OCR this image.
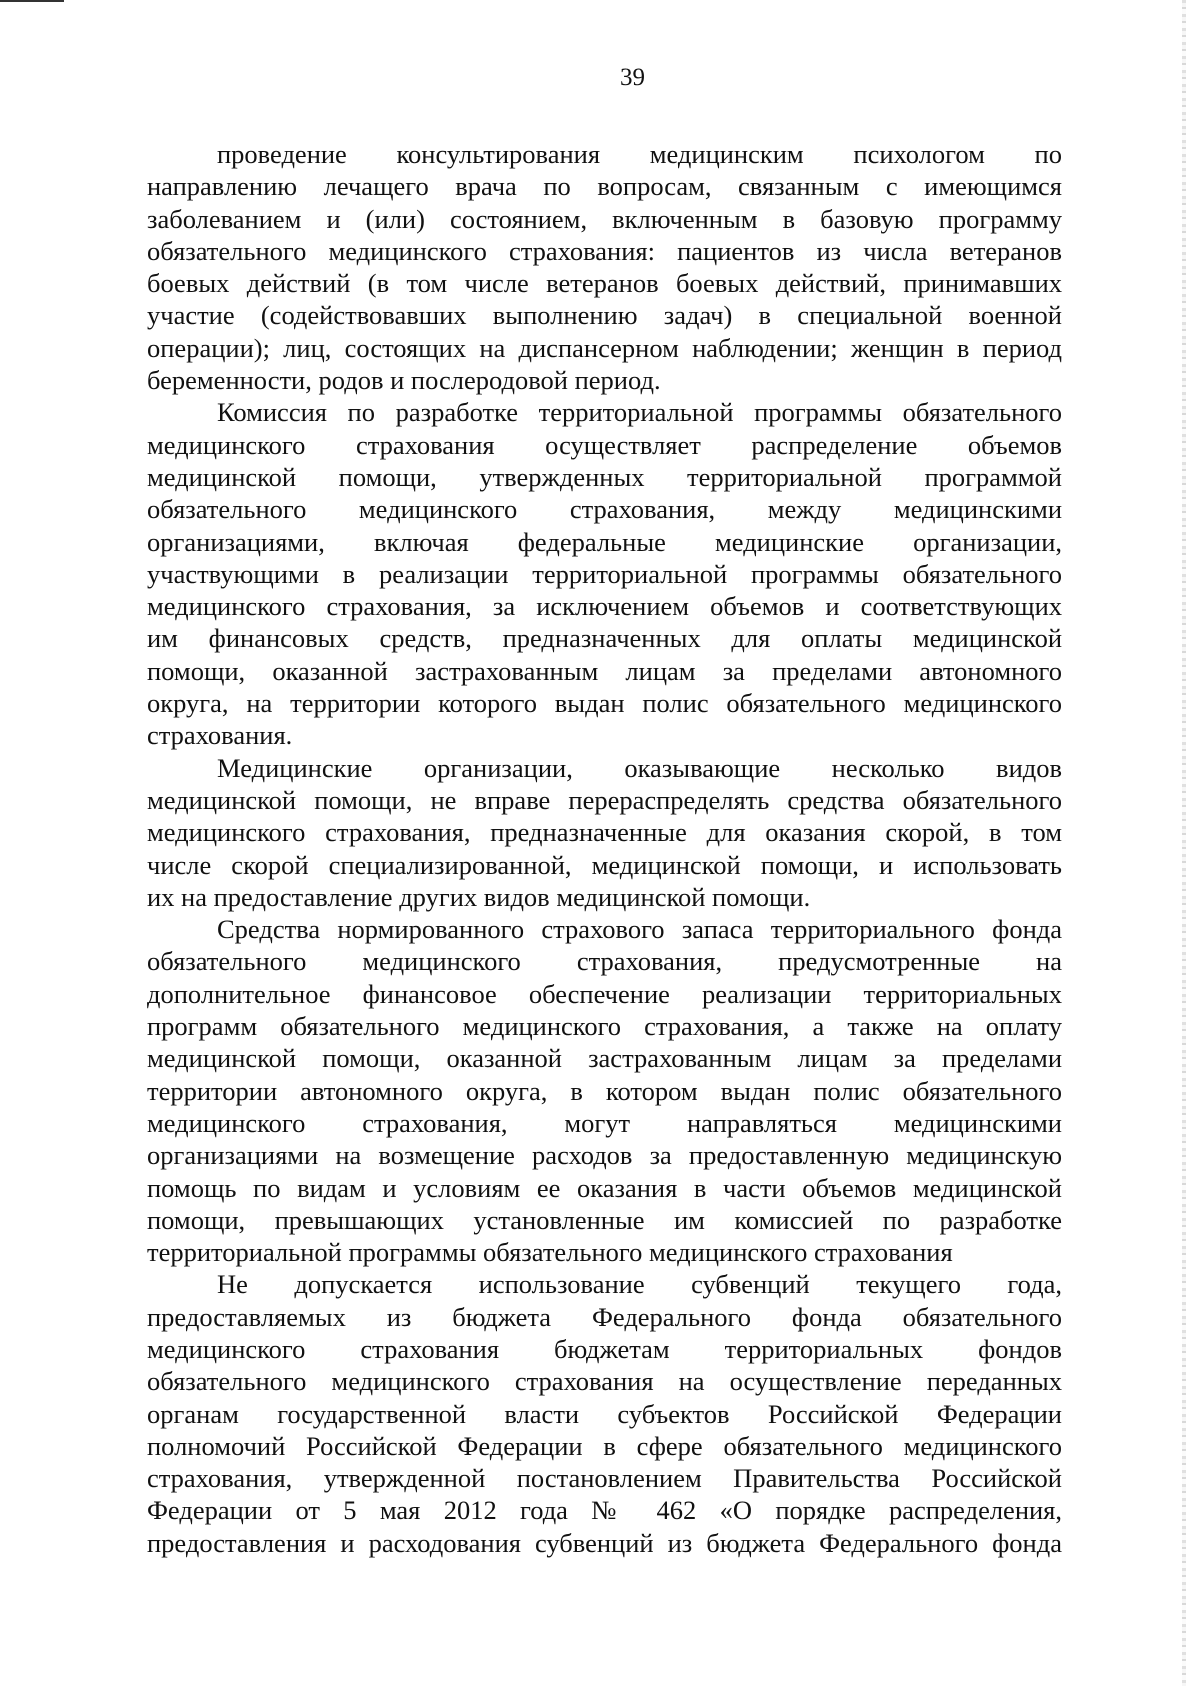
39

проведение консультирования медицинским психологом по
направлению лечащего врача по вопросам, связанным с имеющимся
заболеванием и (или) состоянием, включенным в базовую программу
обязательного медицинского страхования: пациентов из числа ветеранов
боевых действий (в том числе ветеранов боевых действий, принимавших
участие (содействовавших выполнению задач) в специальной военной
операции); лиц, состоящих на диспансерном наблюдении; женщин в период
беременности, родов и послеродовой период.

Комиссия по разработке территориальной программы обязательного
медицинского страхования осуществляет распределение объемов
медицинской помощи, утвержденных территориальной программой
обязательного медицинского страхования, между медицинскими
организациями, включая федеральные медицинские организации,
участвующими в реализации территориальной программы обязательного
медицинского страхования, за исключением объемов и соответствующих
им финансовых средств, предназначенных для оплаты медицинской
помощи, оказанной застрахованным лицам за пределами автономного
округа, на территории которого выдан полис обязательного медицинского
страхования.

Медицинские организации, оказывающие несколько видов
медицинской помощи, не вправе перераспределять средства обязательного
медицинского страхования, предназначенные для оказания скорой, в том
числе скорой специализированной, медицинской помощи, и использовать
их на предоставление других видов медицинской помощи.

Средства нормированного страхового запаса территориального фонда
обязательного медицинского страхования, предусмотренные на
дополнительное финансовое обеспечение реализации территориальных
программ обязательного медицинского страхования, а также на оплату
медицинской помощи, оказанной застрахованным лицам за пределами
территории автономного округа, в котором выдан полис обязательного
медицинского страхования, могут направляться медицинскими
организациями на возмещение расходов за предоставленную медицинскую
помощь по видам и условиям ее оказания в части объемов медицинской
помощи, превышающих установленные им комиссией по разработке
территориальной программы обязательного медицинского страхования

Не допускается использование субвенций текущего года,
предоставляемых из бюджета Федерального фонда обязательного
медицинского страхования бюджетам территориальных фондов
обязательного медицинского страхования на осуществление переданных
органам государственной власти субъектов Российской Федерации
полномочий Российской Федерации в сфере обязательного медицинского
страхования, утвержденной постановлением Правительства Российской
Федерации от 5 мая 2012 года № 462 «О порядке распределения,
предоставления и расходования субвенций из бюджета Федерального фонда
